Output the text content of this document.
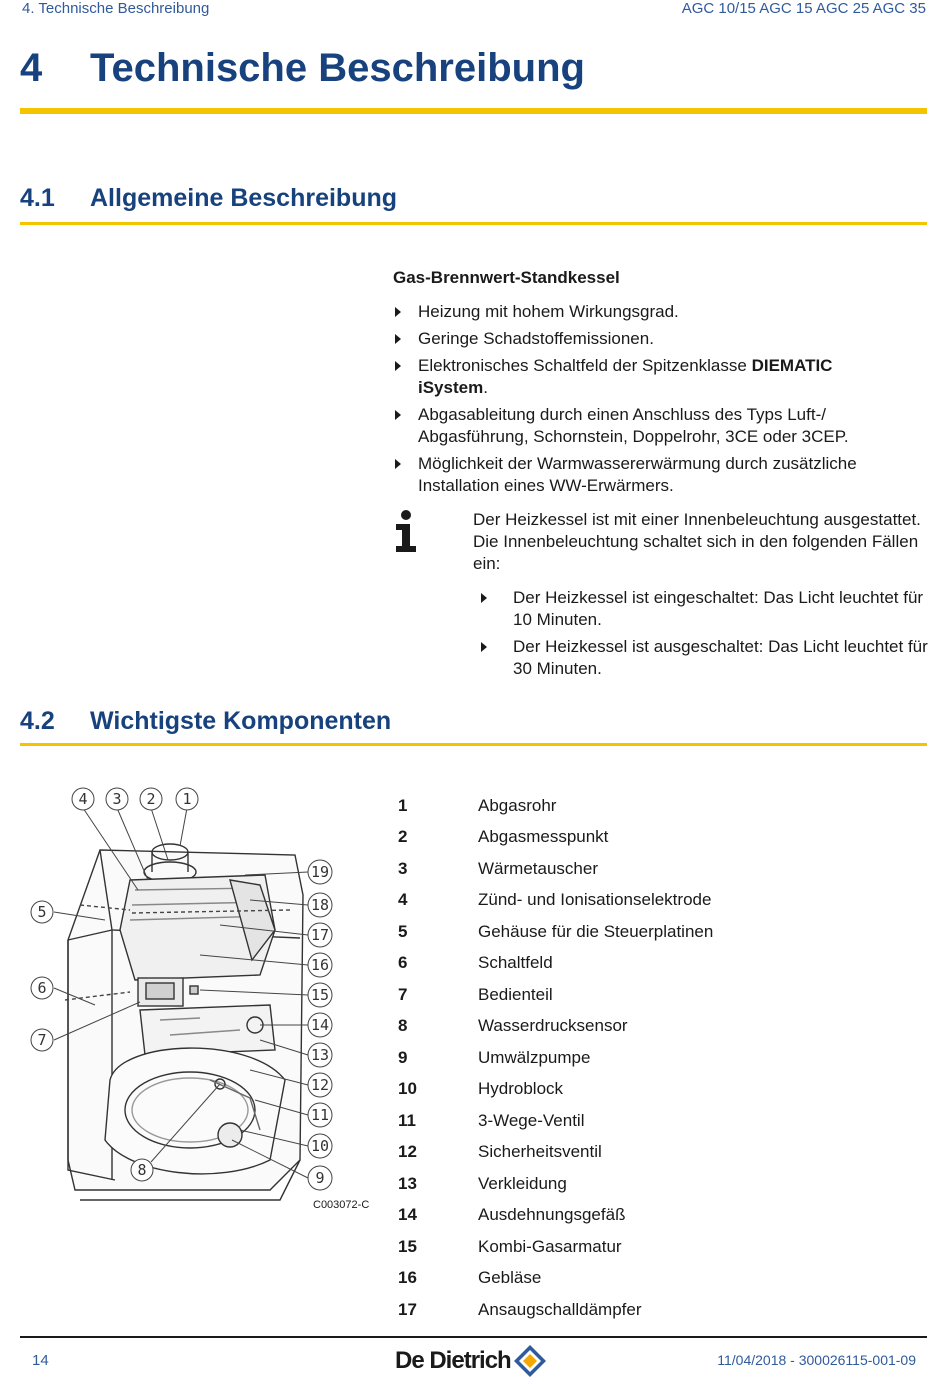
4. Technische Beschreibung	AGC 10/15 AGC 15 AGC 25 AGC 35
4 Technische Beschreibung
4.1 Allgemeine Beschreibung
Gas-Brennwert-Standkessel
Heizung mit hohem Wirkungsgrad.
Geringe Schadstoffemissionen.
Elektronisches Schaltfeld der Spitzenklasse DIEMATIC iSystem.
Abgasableitung durch einen Anschluss des Typs Luft-/ Abgasführung, Schornstein, Doppelrohr, 3CE oder 3CEP.
Möglichkeit der Warmwassererwärmung durch zusätzliche Installation eines WW-Erwärmers.
Der Heizkessel ist mit einer Innenbeleuchtung ausgestattet. Die Innenbeleuchtung schaltet sich in den folgenden Fällen ein:
Der Heizkessel ist eingeschaltet: Das Licht leuchtet für 10 Minuten.
Der Heizkessel ist ausgeschaltet: Das Licht leuchtet für 30 Minuten.
4.2 Wichtigste Komponenten
4 3 2 1
5
6
7
8
19
18
17
16
15
14
13
12
11
10
9
C003072-C
1	Abgasrohr
2	Abgasmesspunkt
3	Wärmetauscher
4	Zünd- und Ionisationselektrode
5	Gehäuse für die Steuerplatinen
6	Schaltfeld
7	Bedienteil
8	Wasserdrucksensor
9	Umwälzpumpe
10	Hydroblock
11	3-Wege-Ventil
12	Sicherheitsventil
13	Verkleidung
14	Ausdehnungsgefäß
15	Kombi-Gasarmatur
16	Gebläse
17	Ansaugschalldämpfer
14	De Dietrich	11/04/2018 - 300026115-001-09
